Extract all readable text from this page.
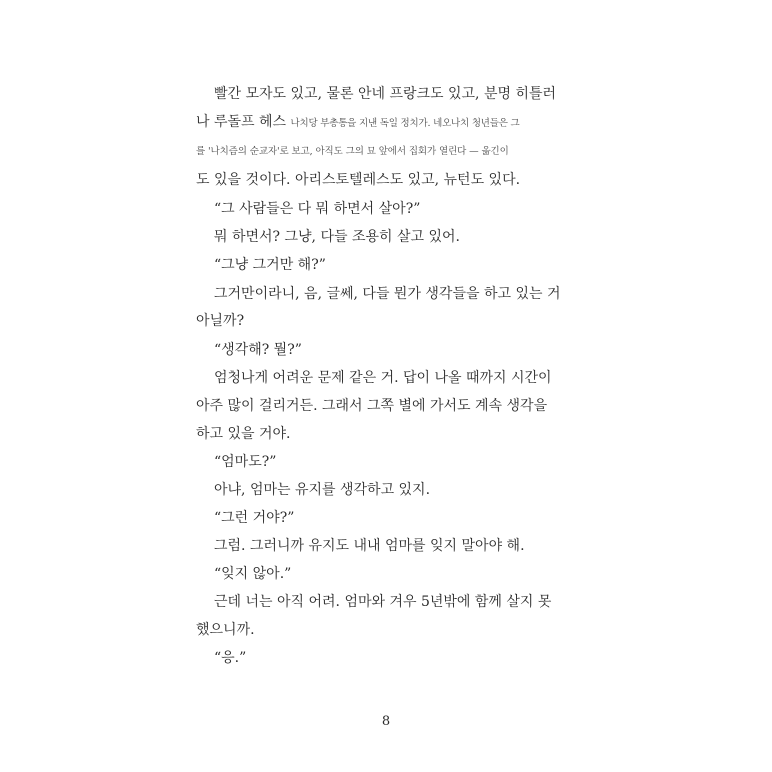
빨간 모자도 있고, 물론 안네 프랑크도 있고, 분명 히틀러
나 루돌프 헤스 나치당 부총통을 지낸 독일 정치가. 네오나치 청년들은 그
를 '나치즘의 순교자'로 보고, 아직도 그의 묘 앞에서 집회가 열린다 — 옮긴이
도 있을 것이다. 아리스토텔레스도 있고, 뉴턴도 있다.
“그 사람들은 다 뭐 하면서 살아?”
뭐 하면서? 그냥, 다들 조용히 살고 있어.
“그냥 그거만 해?”
그거만이라니, 음, 글쎄, 다들 뭔가 생각들을 하고 있는 거
아닐까?
“생각해? 뭘?”
엄청나게 어려운 문제 같은 거. 답이 나올 때까지 시간이
아주 많이 걸리거든. 그래서 그쪽 별에 가서도 계속 생각을
하고 있을 거야.
“엄마도?”
아냐, 엄마는 유지를 생각하고 있지.
“그런 거야?”
그럼. 그러니까 유지도 내내 엄마를 잊지 말아야 해.
“잊지 않아.”
근데 너는 아직 어려. 엄마와 겨우 5년밖에 함께 살지 못
했으니까.
“응.”
8
